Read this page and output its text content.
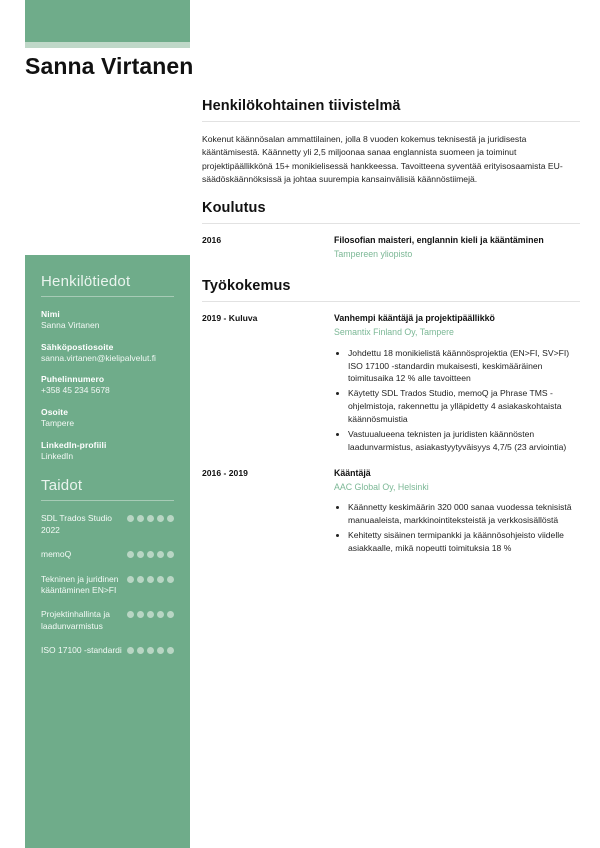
Sanna Virtanen
Henkilötiedot
Nimi
Sanna Virtanen
Sähköpostiosoite
sanna.virtanen@kielipalvelut.fi
Puhelinnumero
+358 45 234 5678
Osoite
Tampere
LinkedIn-profiili
LinkedIn
Taidot
SDL Trados Studio 2022
memoQ
Tekninen ja juridinen kääntäminen EN>FI
Projektinhallinta ja laadunvarmistus
ISO 17100 -standardi
Henkilökohtainen tiivistelmä

Kokenut käännösalan ammattilainen, jolla 8 vuoden kokemus teknisestä ja juridisesta kääntämisestä. Käännetty yli 2,5 miljoonaa sanaa englannista suomeen ja toiminut projektipäällikkönä 15+ monikielisessä hankkeessa. Tavoitteena syventää erityisosaamista EU-säädöskäännöksissä ja johtaa suurempia kansainvälisiä käännöstiimejä.

Koulutus
2016	Filosofian maisteri, englannin kieli ja kääntäminen
Tampereen yliopisto
Työkokemus
2019 - Kuluva	Vanhempi kääntäjä ja projektipäällikkö
Semantix Finland Oy, Tampere
• Johdettu 18 monikielistä käännösprojektia (EN>FI, SV>FI) ISO 17100 -standardin mukaisesti, keskimääräinen toimitusaika 12 % alle tavoitteen
• Käytetty SDL Trados Studio, memoQ ja Phrase TMS -ohjelmistoja, rakennettu ja ylläpidetty 4 asiakaskohtaista käännösmuistia
• Vastuualueena teknisten ja juridisten käännösten laadunvarmistus, asiakastyytyväisyys 4,7/5 (23 arviointia)
2016 - 2019	Kääntäjä
AAC Global Oy, Helsinki
• Käännetty keskimäärin 320 000 sanaa vuodessa teknisistä manuaaleista, markkinointiteksteistä ja verkkosisällöstä
• Kehitetty sisäinen termipankki ja käännösohjeisto viidelle asiakkaalle, mikä nopeutti toimituksia 18 %
